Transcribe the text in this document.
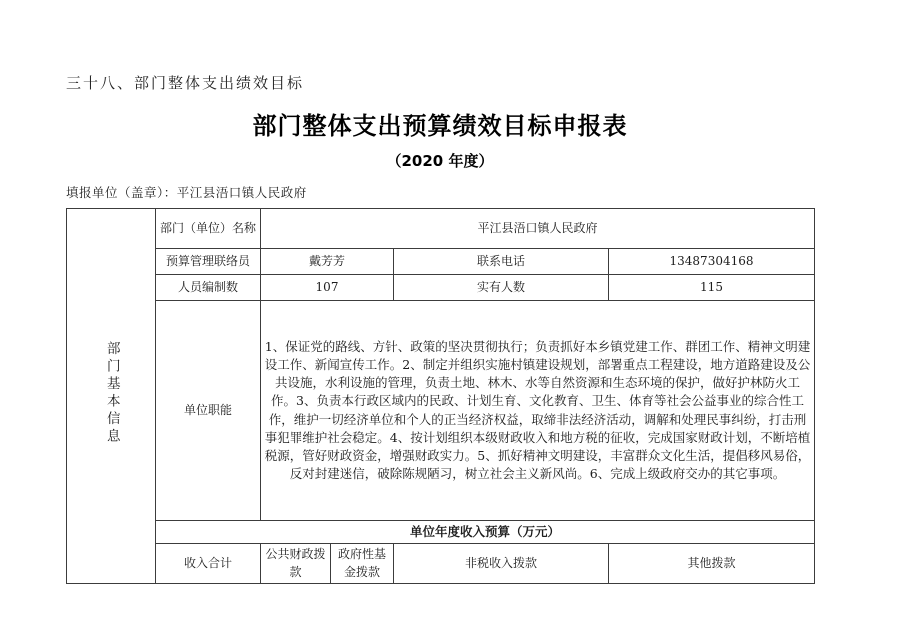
三十八、部门整体支出绩效目标
部门整体支出预算绩效目标申报表
（2020 年度）
填报单位（盖章）：平江县浯口镇人民政府
部门基本信息	部门（单位）名称	平江县浯口镇人民政府			
	预算管理联络员	戴芳芳		联系电话	13487304168
	人员编制数	107		实有人数	115
	单位职能	1、保证党的路线、方针、政策的坚决贯彻执行；负责抓好本乡镇党建工作、群团工作、精神文明建设工作、新闻宣传工作。2、制定并组织实施村镇建设规划，部署重点工程建设，地方道路建设及公共设施，水利设施的管理，负责土地、林木、水等自然资源和生态环境的保护，做好护林防火工作。3、负责本行政区域内的民政、计划生育、文化教育、卫生、体育等社会公益事业的综合性工作，维护一切经济单位和个人的正当经济权益，取缔非法经济活动，调解和处理民事纠纷，打击刑事犯罪维护社会稳定。4、按计划组织本级财政收入和地方税的征收，完成国家财政计划，不断培植税源，管好财政资金，增强财政实力。5、抓好精神文明建设，丰富群众文化生活，提倡移风易俗，反对封建迷信，破除陈规陋习，树立社会主义新风尚。6、完成上级政府交办的其它事项。			
	单位年度收入预算（万元）				
	收入合计	公共财政拨款	政府性基金拨款	非税收入拨款	其他拨款
